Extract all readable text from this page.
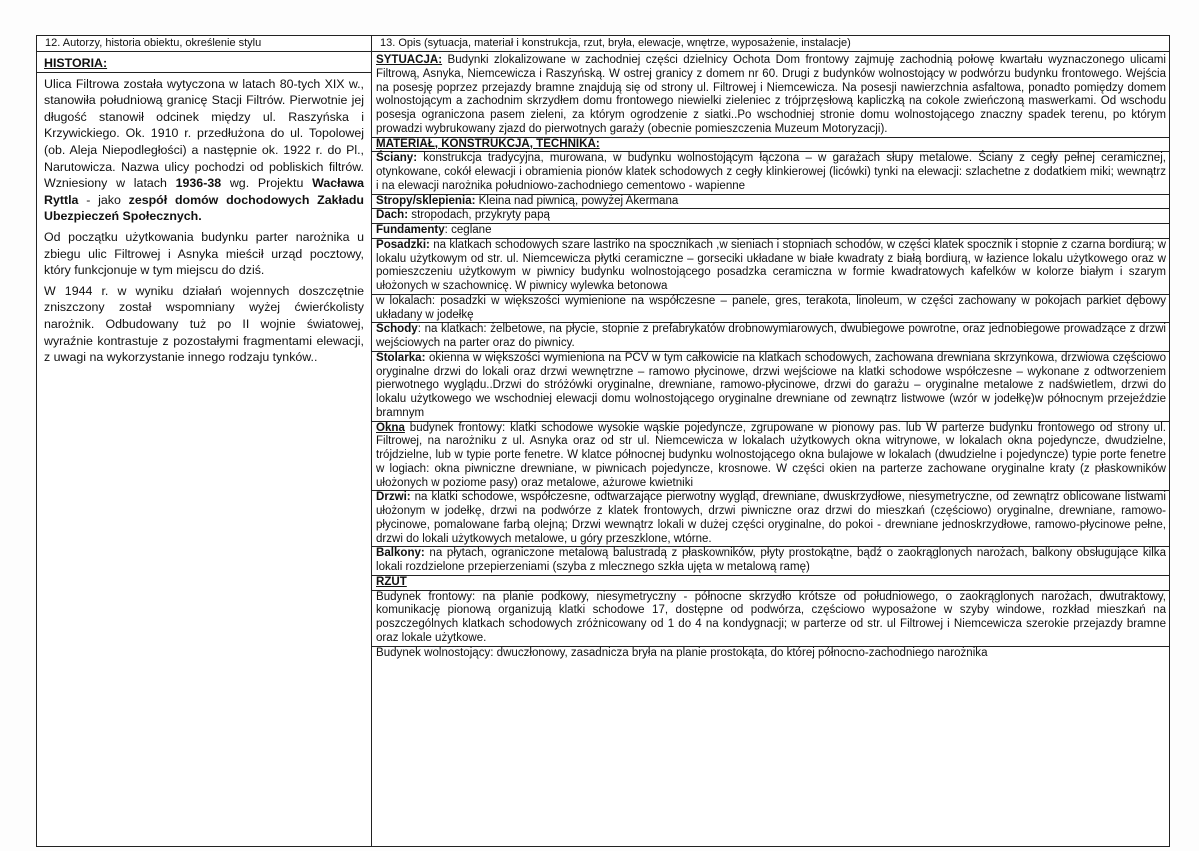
12. Autorzy, historia obiektu, określenie stylu
HISTORIA:

Ulica Filtrowa została wytyczona w latach 80-tych XIX w., stanowiła południową granicę Stacji Filtrów. Pierwotnie jej długość stanowił odcinek między ul. Raszyńska i Krzywickiego. Ok. 1910 r. przedłużona do ul. Topolowej (ob. Aleja Niepodległości) a następnie ok. 1922 r. do Pl., Narutowicza. Nazwa ulicy pochodzi od pobliskich filtrów. Wzniesiony w latach 1936-38 wg. Projektu Wacława Ryttla - jako zespół domów dochodowych Zakładu Ubezpieczeń Społecznych.

Od początku użytkowania budynku parter narożnika u zbiegu ulic Filtrowej i Asnyka mieścił urząd pocztowy, który funkcjonuje w tym miejscu do dziś.

W 1944 r. w wyniku działań wojennych doszczętnie zniszczony został wspomniany wyżej ćwierćkolisty narożnik. Odbudowany tuż po II wojnie światowej, wyraźnie kontrastuje z pozostałymi fragmentami elewacji, z uwagi na wykorzystanie innego rodzaju tynków..

13. Opis (sytuacja, materiał i konstrukcja, rzut, bryła, elewacje, wnętrze, wyposażenie, instalacje)
SYTUACJA: Budynki zlokalizowane w zachodniej części dzielnicy Ochota Dom frontowy zajmuję zachodnią połowę kwartału wyznaczonego ulicami Filtrową, Asnyka, Niemcewicza i Raszyńską. W ostrej granicy z domem nr 60. Drugi z budynków wolnostojący w podwórzu budynku frontowego. Wejścia na posesję poprzez przejazdy bramne znajdują się od strony ul. Filtrowej i Niemcewicza. Na posesji nawierzchnia asfaltowa, ponadto pomiędzy domem wolnostojącym a zachodnim skrzydłem domu frontowego niewielki zieleniec z trójprzęsłową kapliczką na cokole zwieńczoną maswerkami. Od wschodu posesja ograniczona pasem zieleni, za którym ogrodzenie z siatki..Po wschodniej stronie domu wolnostojącego znaczny spadek terenu, po którym prowadzi wybrukowany zjazd do pierwotnych garaży (obecnie pomieszczenia Muzeum Motoryzacji).
MATERIAŁ, KONSTRUKCJA, TECHNIKA:
Ściany: konstrukcja tradycyjna, murowana, w budynku wolnostojącym łączona – w garażach słupy metalowe. Ściany z cegły pełnej ceramicznej, otynkowane, cokół elewacji i obramienia pionów klatek schodowych z cegły klinkierowej (licówki) tynki na elewacji: szlachetne z dodatkiem miki; wewnątrz i na elewacji narożnika południowo-zachodniego cementowo - wapienne
Stropy/sklepienia: Kleina nad piwnicą, powyżej Akermana
Dach: stropodach, przykryty papą
Fundamenty: ceglane
Posadzki: na klatkach schodowych szare lastriko na spocznikach ,w sieniach i stopniach schodów, w części klatek spocznik i stopnie z czarna bordiurą; w lokalu użytkowym od str. ul. Niemcewicza płytki ceramiczne – gorseciki układane w białe kwadraty z białą bordiurą, w łazience lokalu użytkowego oraz w pomieszczeniu użytkowym w piwnicy budynku wolnostojącego posadzka ceramiczna w formie kwadratowych kafelków w kolorze białym i szarym ułożonych w szachownicę. W piwnicy wylewka betonowa
w lokalach: posadzki w większości wymienione na współczesne – panele, gres, terakota, linoleum, w części zachowany w pokojach parkiet dębowy układany w jodełkę
Schody: na klatkach: żelbetowe, na płycie, stopnie z prefabrykatów drobnowymiarowych, dwubiegowe powrotne, oraz jednobiegowe prowadzące z drzwi wejściowych na parter oraz do piwnicy.
Stolarka: okienna w większości wymieniona na PCV w tym całkowicie na klatkach schodowych, zachowana drewniana skrzynkowa, drzwiowa częściowo oryginalne drzwi do lokali oraz drzwi wewnętrzne – ramowo płycinowe, drzwi wejściowe na klatki schodowe współczesne – wykonane z odtworzeniem pierwotnego wyglądu..Drzwi do stróżówki oryginalne, drewniane, ramowo-płycinowe, drzwi do garażu – oryginalne metalowe z nadświetlem, drzwi do lokalu użytkowego we wschodniej elewacji domu wolnostojącego oryginalne drewniane od zewnątrz listwowe (wzór w jodełkę)w północnym przejeździe bramnym
Okna budynek frontowy: klatki schodowe wysokie wąskie pojedyncze, zgrupowane w pionowy pas. lub W parterze budynku frontowego od strony ul. Filtrowej, na narożniku z ul. Asnyka oraz od str ul. Niemcewicza w lokalach użytkowych okna witrynowe, w lokalach okna pojedyncze, dwudzielne, trójdzielne, lub w typie porte fenetre. W klatce północnej budynku wolnostojącego okna bulajowe w lokalach (dwudzielne i pojedyncze) typie porte fenetre w logiach: okna piwniczne drewniane, w piwnicach pojedyncze, krosnowe. W części okien na parterze zachowane oryginalne kraty (z płaskowników ułożonych w poziome pasy) oraz metalowe, ażurowe kwietniki
Drzwi: na klatki schodowe, współczesne, odtwarzające pierwotny wygląd, drewniane, dwuskrzydłowe, niesymetryczne, od zewnątrz oblicowane listwami ułożonym w jodełkę, drzwi na podwórze z klatek frontowych, drzwi piwniczne oraz drzwi do mieszkań (częściowo) oryginalne, drewniane, ramowo-płycinowe, pomalowane farbą olejną; Drzwi wewnątrz lokali w dużej części oryginalne, do pokoi - drewniane jednoskrzydłowe, ramowo-płycinowe pełne, drzwi do lokali użytkowych metalowe, u góry przeszklone, wtórne.
Balkony: na płytach, ograniczone metalową balustradą z płaskowników, płyty prostokątne, bądź o zaokrąglonych narożach, balkony obsługujące kilka lokali rozdzielone przepierzeniami (szyba z mlecznego szkła ujęta w metalową ramę)
RZUT
Budynek frontowy: na planie podkowy, niesymetryczny - północne skrzydło krótsze od południowego, o zaokrąglonych narożach, dwutraktowy, komunikację pionową organizują klatki schodowe 17, dostępne od podwórza, częściowo wyposażone w szyby windowe, rozkład mieszkań na poszczególnych klatkach schodowych zróżnicowany od 1 do 4 na kondygnacji; w parterze od str. ul Filtrowej i Niemcewicza szerokie przejazdy bramne oraz lokale użytkowe.
Budynek wolnostojący: dwuczłonowy, zasadnicza bryła na planie prostokąta, do której północno-zachodniego narożnika
